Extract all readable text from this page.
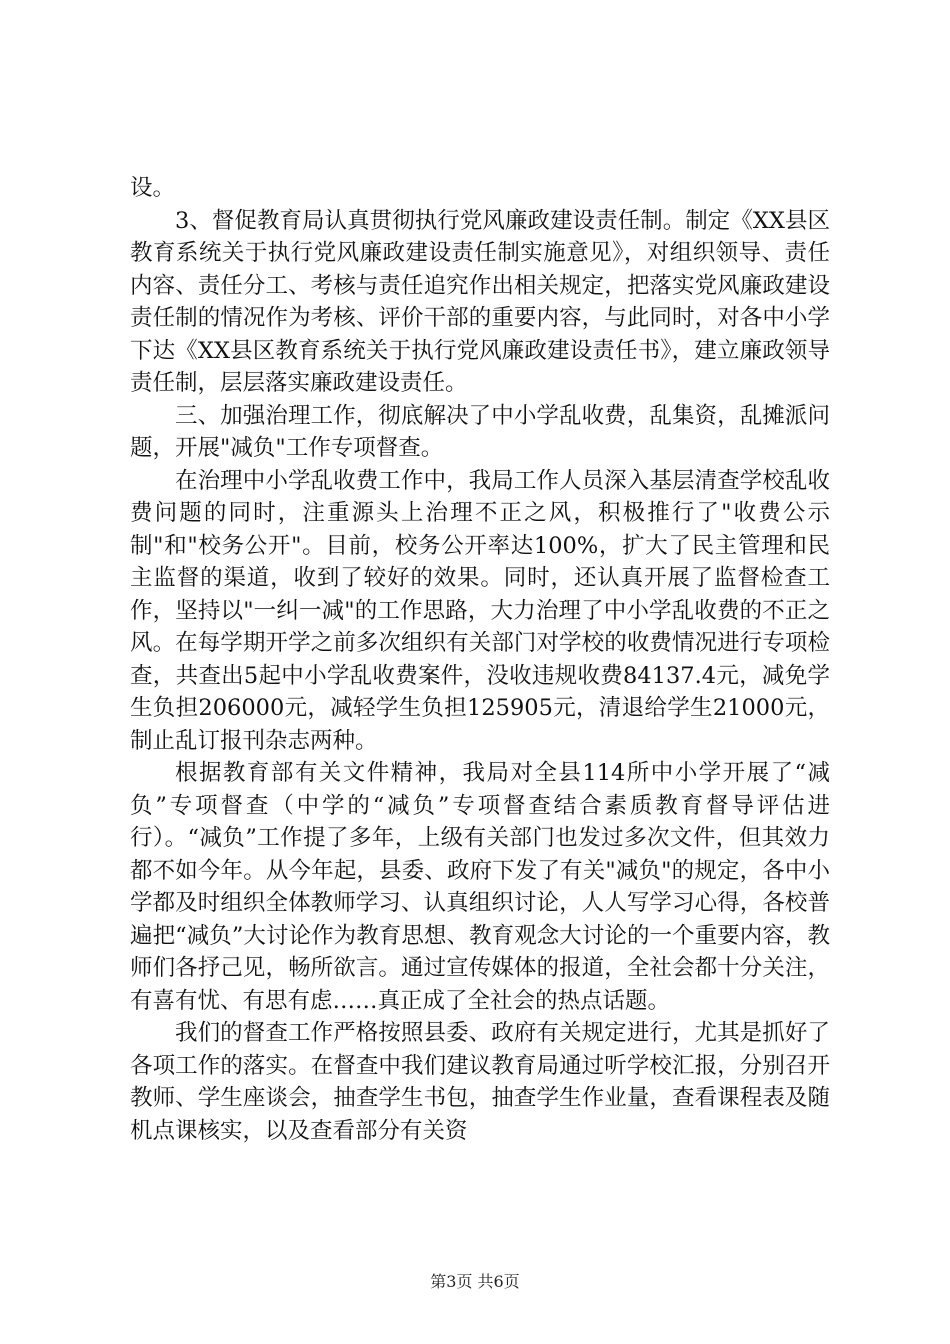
设。

3、督促教育局认真贯彻执行党风廉政建设责任制。制定《XX县区教育系统关于执行党风廉政建设责任制实施意见》，对组织领导、责任内容、责任分工、考核与责任追究作出相关规定，把落实党风廉政建设责任制的情况作为考核、评价干部的重要内容，与此同时，对各中小学下达《XX县区教育系统关于执行党风廉政建设责任书》，建立廉政领导责任制，层层落实廉政建设责任。

三、加强治理工作，彻底解决了中小学乱收费，乱集资，乱摊派问题，开展"减负"工作专项督查。

在治理中小学乱收费工作中，我局工作人员深入基层清查学校乱收费问题的同时，注重源头上治理不正之风，积极推行了"收费公示制"和"校务公开"。目前，校务公开率达100%，扩大了民主管理和民主监督的渠道，收到了较好的效果。同时，还认真开展了监督检查工作，坚持以"一纠一减"的工作思路，大力治理了中小学乱收费的不正之风。在每学期开学之前多次组织有关部门对学校的收费情况进行专项检查，共查出5起中小学乱收费案件，没收违规收费84137.4元，减免学生负担206000元，减轻学生负担125905元，清退给学生21000元，制止乱订报刊杂志两种。

根据教育部有关文件精神，我局对全县114所中小学开展了“减负”专项督查（中学的“减负”专项督查结合素质教育督导评估进行）。“减负”工作提了多年，上级有关部门也发过多次文件，但其效力都不如今年。从今年起，县委、政府下发了有关"减负"的规定，各中小学都及时组织全体教师学习、认真组织讨论，人人写学习心得，各校普遍把“减负”大讨论作为教育思想、教育观念大讨论的一个重要内容，教师们各抒己见，畅所欲言。通过宣传媒体的报道，全社会都十分关注，有喜有忧、有思有虑……真正成了全社会的热点话题。

我们的督查工作严格按照县委、政府有关规定进行，尤其是抓好了各项工作的落实。在督查中我们建议教育局通过听学校汇报，分别召开教师、学生座谈会，抽查学生书包，抽查学生作业量，查看课程表及随机点课核实，以及查看部分有关资

第3页 共6页
